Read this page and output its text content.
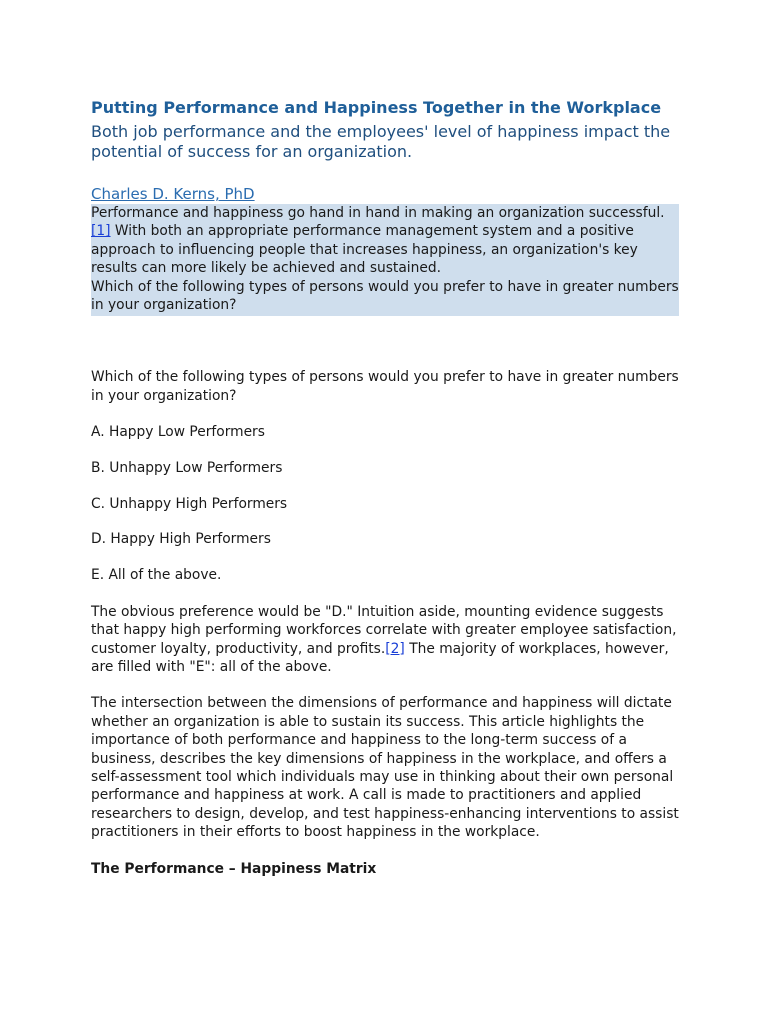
Putting Performance and Happiness Together in the Workplace
Both job performance and the employees' level of happiness impact the potential of success for an organization.
Charles D. Kerns, PhD

Performance and happiness go hand in hand in making an organization successful.[1] With both an appropriate performance management system and a positive approach to influencing people that increases happiness, an organization's key results can more likely be achieved and sustained.

Which of the following types of persons would you prefer to have in greater numbers in your organization?

Which of the following types of persons would you prefer to have in greater numbers in your organization?

A. Happy Low Performers

B. Unhappy Low Performers

C. Unhappy High Performers

D. Happy High Performers

E. All of the above.

The obvious preference would be "D." Intuition aside, mounting evidence suggests that happy high performing workforces correlate with greater employee satisfaction, customer loyalty, productivity, and profits.[2] The majority of workplaces, however, are filled with "E": all of the above.

The intersection between the dimensions of performance and happiness will dictate whether an organization is able to sustain its success. This article highlights the importance of both performance and happiness to the long-term success of a business, describes the key dimensions of happiness in the workplace, and offers a self-assessment tool which individuals may use in thinking about their own personal performance and happiness at work. A call is made to practitioners and applied researchers to design, develop, and test happiness-enhancing interventions to assist practitioners in their efforts to boost happiness in the workplace.

The Performance – Happiness Matrix
